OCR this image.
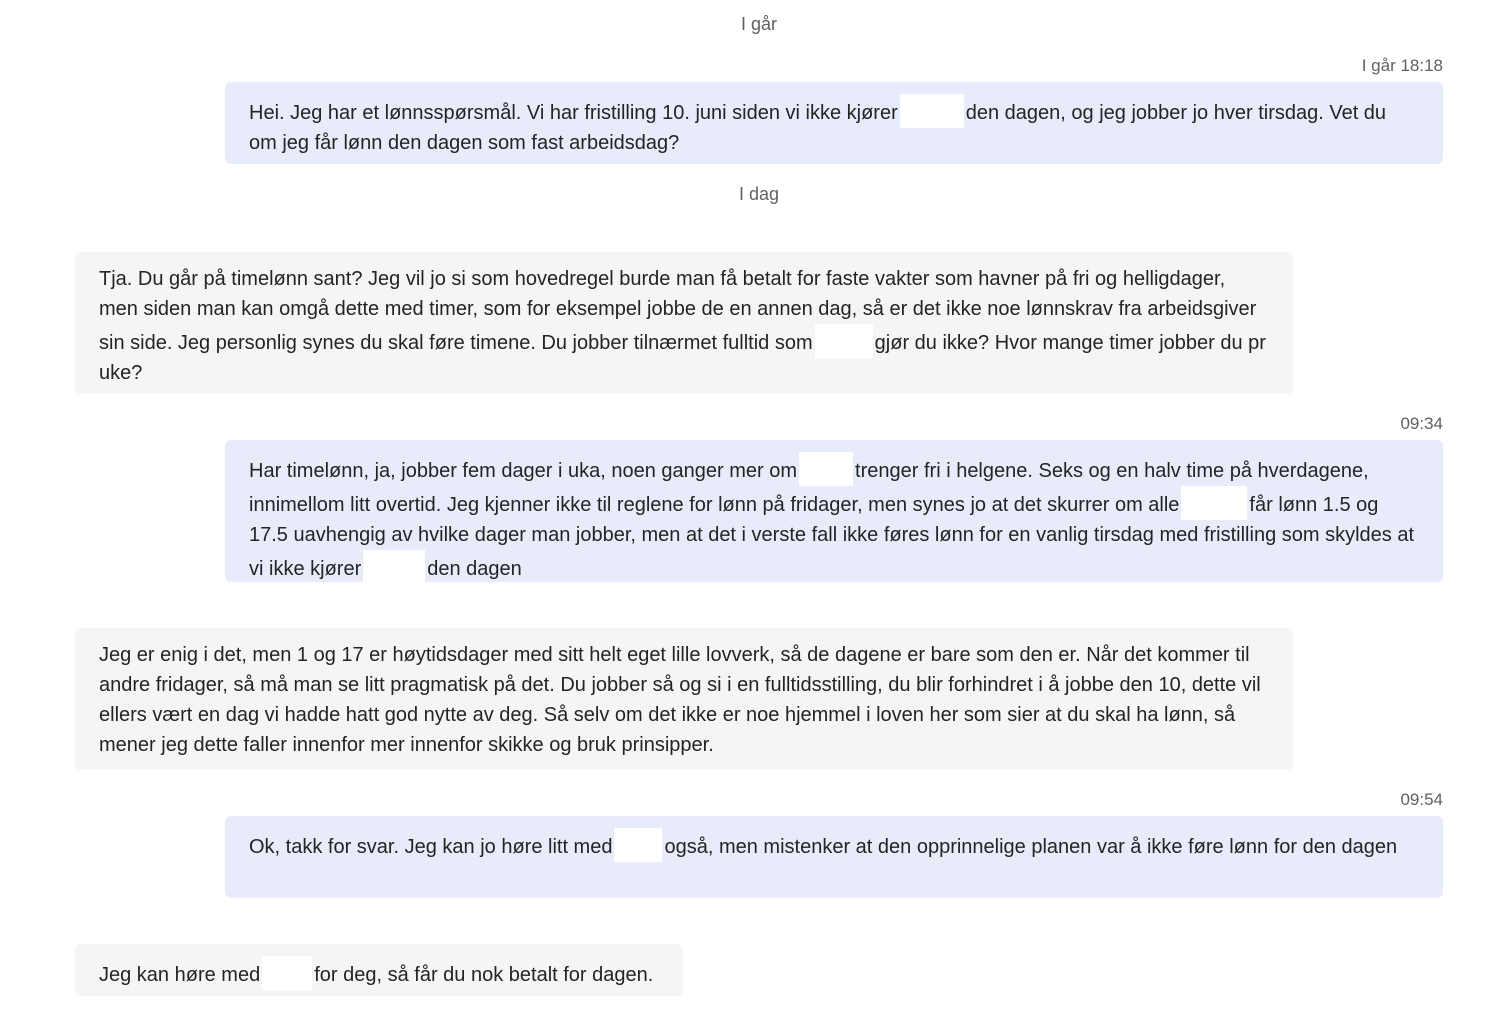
I går
I går 18:18
Hei. Jeg har et lønnsspørsmål. Vi har fristilling 10. juni siden vi ikke kjører	den dagen, og jeg jobber jo hver tirsdag. Vet du om jeg får lønn den dagen som fast arbeidsdag?
I dag
Tja. Du går på timelønn sant? Jeg vil jo si som hovedregel burde man få betalt for faste vakter som havner på fri og helligdager, men siden man kan omgå dette med timer, som for eksempel jobbe de en annen dag, så er det ikke noe lønnskrav fra arbeidsgiver sin side. Jeg personlig synes du skal føre timene. Du jobber tilnærmet fulltid som	gjør du ikke? Hvor mange timer jobber du pr uke?
09:34
Har timelønn, ja, jobber fem dager i uka, noen ganger mer om	trenger fri i helgene. Seks og en halv time på hverdagene, innimellom litt overtid. Jeg kjenner ikke til reglene for lønn på fridager, men synes jo at det skurrer om alle	får lønn 1.5 og 17.5 uavhengig av hvilke dager man jobber, men at det i verste fall ikke føres lønn for en vanlig tirsdag med fristilling som skyldes at vi ikke kjører	den dagen
Jeg er enig i det, men 1 og 17 er høytidsdager med sitt helt eget lille lovverk, så de dagene er bare som den er. Når det kommer til andre fridager, så må man se litt pragmatisk på det. Du jobber så og si i en fulltidsstilling, du blir forhindret i å jobbe den 10, dette vil ellers vært en dag vi hadde hatt god nytte av deg. Så selv om det ikke er noe hjemmel i loven her som sier at du skal ha lønn, så mener jeg dette faller innenfor mer innenfor skikke og bruk prinsipper.
09:54
Ok, takk for svar. Jeg kan jo høre litt med	også, men mistenker at den opprinnelige planen var å ikke føre lønn for den dagen
Jeg kan høre med	for deg, så får du nok betalt for dagen.
